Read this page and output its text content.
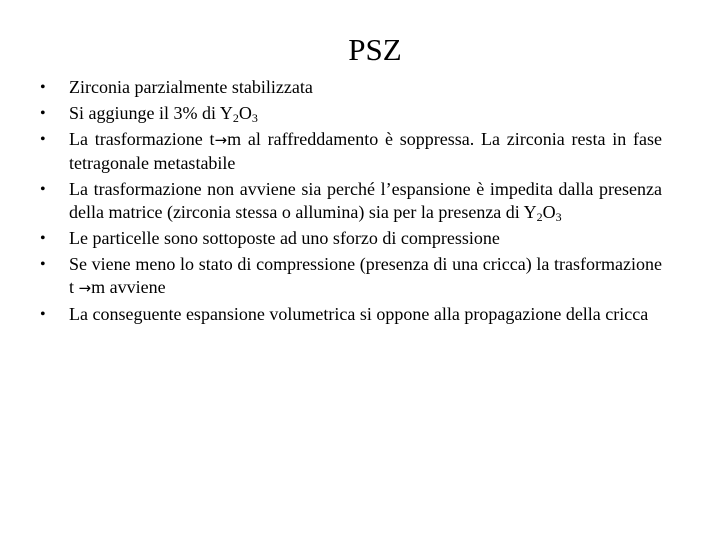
PSZ
• Zirconia parzialmente stabilizzata
• Si aggiunge il 3% di $Y_2O_3$
• La trasformazione t→m al raffreddamento è soppressa. La zirconia resta in fase tetragonale metastabile
• La trasformazione non avviene sia perché l’espansione è impedita dalla presenza della matrice (zirconia stessa o allumina) sia per la presenza di $Y_2O_3$
• Le particelle sono sottoposte ad uno sforzo di compressione
• Se viene meno lo stato di compressione (presenza di una cricca) la trasformazione t →m avviene
• La conseguente espansione volumetrica si oppone alla propagazione della cricca
